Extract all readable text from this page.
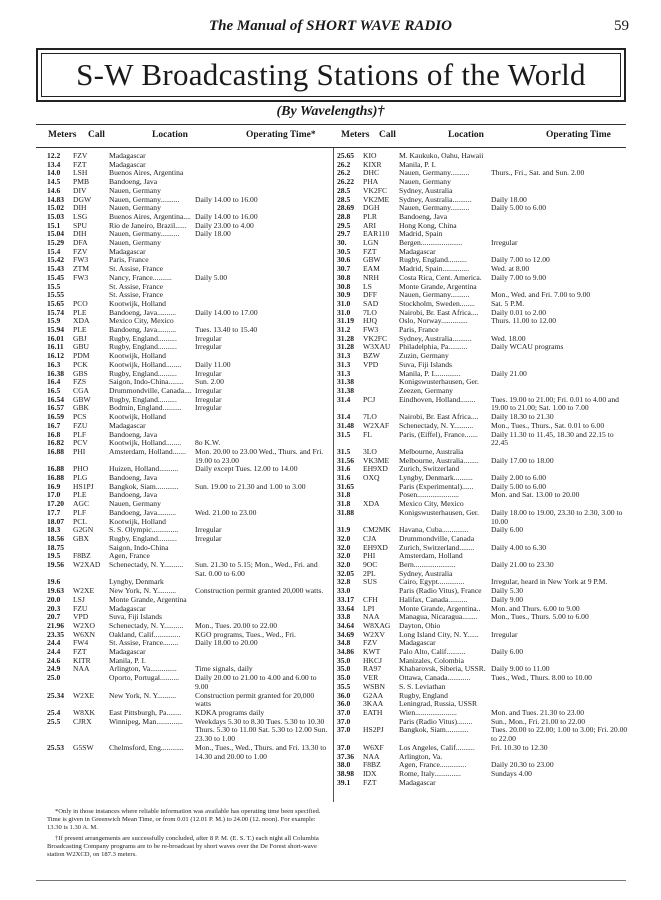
The Manual of SHORT WAVE RADIO	59
S-W Broadcasting Stations of the World
(By Wavelengths)†
Meters Call	Location	Operating Time*	Meters Call	Location	Operating Time
12.2	FZV	Madagascar
13.4	FZT	Madagascar
14.0	LSH	Buenos Aires, Argentina
14.5	PMB	Bandoeng, Java
14.6	DIV	Nauen, Germany
14.83	DGW	Nauen, Germany..........	Daily 14.00 to 16.00
15.02	DIH	Nauen, Germany
15.03	LSG	Buenos Aires, Argentina.... Daily 14.00 to 16.00
15.1	SPU	Rio de Janeiro, Brazil......	Daily 23.00 to 4.00
15.04	DIH	Nauen, Germany..........	Daily 18.00
15.29	DFA	Nauen, Germany
15.4	FZV	Madagascar
15.42	FW3	Paris, France
15.43	ZTM	St. Assise, France
15.45	FW3	Nancy, France..........	Daily 5.00
15.5	St. Assise, France
15.55	St. Assise, France
15.65	PCO	Kootwijk, Holland
15.74	PLE	Bandoeng, Java..........	Daily 14.00 to 17.00
15.9	XDA	Mexico City, Mexico
15.94	PLE	Bandoeng, Java..........	Tues. 13.40 to 15.40
16.01	GBJ	Rugby, England..........	Irregular
16.11	GBU	Rugby, England..........	Irregular
16.12	PDM	Kootwijk, Holland
16.3	PCK	Kootwijk, Holland........	Daily 11.00
16.38	GBS	Rugby, England..........	Irregular
16.4	FZS	Saigon, Indo-China........	Sun. 2.00
16.5	CGA	Drummondville, Canada.... Irregular
16.54	GBW	Rugby, England..........	Irregular
16.57	GBK	Bodmin, England..........	Irregular
16.59	PCS	Kootwijk, Holland
16.7	FZU	Madagascar
16.8	PLF	Bandoeng, Java
16.82	PCV	Kootwijk, Holland........	8o K.W.
16.88	PHI	Amsterdam, Holland.......	Mon. 20.00 to 23.00 Wed., Thurs. and Fri. 19.00 to 23.00
16.88	PHO	Huizen, Holland..........	Daily except Tues. 12.00 to 14.00
16.88	PLG	Bandoeng, Java
16.9	HS1PJ	Bangkok, Siam............	Sun. 19.00 to 21.30 and 1.00 to 3.00
17.0	PLE	Bandoeng, Java
17.20	AGC	Nauen, Germany
17.7	PLF	Bandoeng, Java..........	Wed. 21.00 to 23.00
18.07	PCL	Kootwijk, Holland
18.3	G2GN	S. S. Olympic..............	Irregular
18.56	GBX	Rugby, England..........	Irregular
18.75	Saigon, Indo-China
19.5	F8BZ	Agen, France
19.56	W2XAD	Schenectady, N. Y..........	Sun. 21.30 to 5.15; Mon., Wed., Fri. and Sat. 0.00 to 6.00
19.6	Lyngby, Denmark
19.63	W2XE	New York, N. Y..........	Construction permit granted 20,000 watts.
20.0	LSJ	Monte Grande, Argentina
20.3	FZU	Madagascar
20.7	VPD	Suva, Fiji Islands
21.96	W2XO	Schenectady, N. Y..........	Mon., Tues. 20.00 to 22.00
23.35	W6XN	Oakland, Calif..............	KGO programs, Tues., Wed., Fri.
24.4	FW4	St. Assise, France........	Daily 18.00 to 20.00
24.4	FZT	Madagascar
24.6	KITR	Manila, P. I.
24.9	NAA	Arlington, Va..............	Time signals, daily
25.0	Oporto, Portugal..........	Daily 20.00 to 21.00 to 4.00 and 6.00 to 9.00
25.34	W2XE	New York, N. Y..........	Construction permit granted for 20,000 watts
25.4	W8XK	East Pittsburgh, Pa........	KDKA programs daily
25.5	CJRX	Winnipeg, Man..............	Weekdays 5.30 to 8.30 Tues. 5.30 to 10.30 Thurs. 5.30 to 11.00 Sat. 5.30 to 12.00 Sun. 23.30 to 1.00
25.53	G5SW	Chelmsford, Eng............	Mon., Tues., Wed., Thurs. and Fri. 13.30 to 14.30 and 20.00 to 1.00
25.65	KIO	M. Kaukuko, Oahu, Hawaii
26.2	KIXR	Manila, P. I.
26.2	DHC	Nauen, Germany..........	Thurs., Fri., Sat. and Sun. 2.00
26.22	PHA	Nauen, Germany
28.5	VK2FC	Sydney, Australia
28.5	VK2ME	Sydney, Australia..........	Daily 18.00
28.69	DGH	Nauen, Germany..........	Daily 5.00 to 6.00
28.8	PLR	Bandoeng, Java
29.5	ARI	Hong Kong, China
29.7	EAR110	Madrid, Spain
30.	LGN	Bergen......................	Irregular
30.5	FZT	Madagascar
30.6	GBW	Rugby, England..........	Daily 7.00 to 12.00
30.7	EAM	Madrid, Spain..............	Wed. at 8.00
30.8	NRH	Costa Rica, Cent. America.	Daily 7.00 to 9.00
30.8	LS	Monte Grande, Argentina
30.9	DFF	Nauen, Germany..........	Mon., Wed. and Fri. 7.00 to 9.00
31.0	SAD	Stockholm, Sweden........	Sat. 5 P.M.
31.0	7LO	Nairobi, Br. East Africa....	Daily 0.01 to 2.00
31.19	HJQ	Oslo, Norway..............	Thurs. 11.00 to 12.00
31.2	FW3	Paris, France
31.28	VK2FC	Sydney, Australia..........	Wed. 18.00
31.28	W3XAU	Philadelphia, Pa..........	Daily WCAU programs
31.3	BZW	Zuzin, Germany
31.3	VPD	Suva, Fiji Islands
31.3	Manila, P. I..............	Daily 21.00
31.38	Konigswusterhausen, Ger.
31.38	Zeezen, Germany
31.4	PCJ	Eindhoven, Holland........	Tues. 19.00 to 21.00; Fri. 0.01 to 4.00 and 19.00 to 21.00; Sat. 1.00 to 7.00
31.4	7LO	Nairobi, Br. East Africa....	Daily 18.30 to 21.30
31.48	W2XAF	Schenectady, N. Y..........	Mon., Tues., Thurs., Sat. 0.01 to 6.00
31.5	FL	Paris, (Eiffel), France.......	Daily 11.30 to 11.45, 18.30 and 22.15 to 22.45
31.5	3LO	Melbourne, Australia
31.56	VK3ME	Melbourne, Australia........	Daily 17.00 to 18.00
31.6	EH9XD	Zurich, Switzerland
31.6	OXQ	Lyngby, Denmark..........	Daily 2.00 to 6.00
31.65	Paris (Experimental)......	Daily 5.00 to 6.00
31.8	Posen......................	Mon. and Sat. 13.00 to 20.00
31.8	XDA	Mexico City, Mexico
31.88	Konigswusterhausen, Ger.	Daily 18.00 to 19.00, 23.30 to 2.30, 3.00 to 10.00
31.9	CM2MK	Havana, Cuba..............	Daily 6.00
32.0	CJA	Drummondville, Canada
32.0	EH9XD	Zurich, Switzerland........	Daily 4.00 to 6.30
32.0	PHI	Amsterdam, Holland
32.0	9OC	Bern......................	Daily 21.00 to 23.30
32.05	2PL	Sydney, Australia
32.8	SUS	Cairo, Egypt..............	Irregular, heard in New York at 9 P.M.
33.0	Paris (Radio Vitus), France	Daily 5.30
33.17	CFH	Halifax, Canada..........	Daily 9.00
33.64	LPI	Monte Grande, Argentina..	Mon. and Thurs. 6.00 to 9.00
33.8	NAA	Managua, Nicaragua........	Mon., Tues., Thurs. 5.00 to 6.00
34.64	W8XAG	Dayton, Ohio
34.69	W2XV	Long Island City, N. Y......	Irregular
34.8	FZV	Madagascar
34.86	KWT	Palo Alto, Calif..........	Daily 6.00
35.0	HKCJ	Manizales, Colombia
35.0	RA97	Khabarovsk, Siberia, USSR. Daily 9.00 to 11.00
35.0	VER	Ottawa, Canada............	Tues., Wed., Thurs. 8.00 to 10.00
35.5	WSBN	S. S. Leviathan
36.0	G2AA	Rugby, England
36.0	3KAA	Leningrad, Russia, USSR
37.0	EATH	Wien......................	Mon. and Tues. 21.30 to 23.00
37.0	Paris (Radio Vitus)........	Sun., Mon., Fri. 21.00 to 22.00
37.0	HS2PJ	Bangkok, Siam............	Tues. 20.00 to 22.00; 1.00 to 3.00; Fri. 20.00 to 22.00
37.0	W6XF	Los Angeles, Calif..........	Fri. 10.30 to 12.30
37.36	NAA	Arlington, Va.
38.0	F8BZ	Agen, France..............	Daily 20.30 to 23.00
38.98	IDX	Rome, Italy..............	Sundays 4.00
39.1	FZT	Madagascar

*Only in those instances where reliable information was available has operating time been specified. Time is given in Greenwich Mean Time, or from 0.01 (12.01 P. M.) to 24.00 (12. noon). For example: 13.30 is 1.30 A. M.

†If present arrangements are successfully concluded, after 8 P. M. (E. S. T.) each night all Columbia Broadcasting Company programs are to be re-broadcast by short waves over the De Forest short-wave station W2XCD, on 187.3 meters.
